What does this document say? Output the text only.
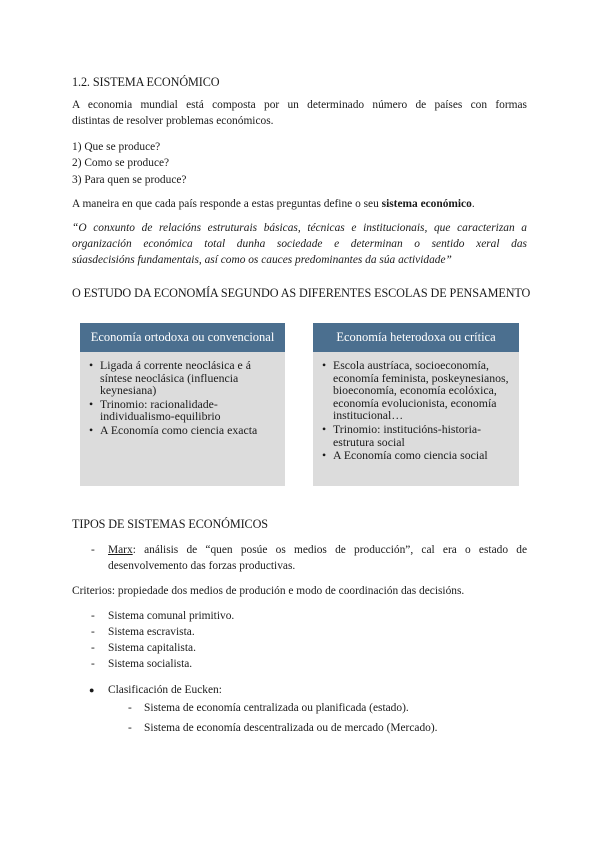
1.2. SISTEMA ECONÓMICO
A economia mundial está composta por un determinado número de países con formas
distintas de resolver problemas económicos.
1) Que se produce?
2) Como se produce?
3) Para quen se produce?
A maneira en que cada país responde a estas preguntas define o seu sistema económico.
“O conxunto de relacións estruturais básicas, técnicas e institucionais, que caracterizan a
organización económica total dunha sociedade e determinan o sentido xeral das
súasdecisións fundamentais, así como os cauces predominantes da súa actividade”
O ESTUDO DA ECONOMÍA SEGUNDO AS DIFERENTES ESCOLAS DE PENSAMENTO
Economía ortodoxa ou convencional
• Ligada á corrente neoclásica e á síntese neoclásica (influencia keynesiana)
• Trinomio: racionalidade-individualismo-equilibrio
• A Economía como ciencia exacta
Economía heterodoxa ou crítica
• Escola austríaca, socioeconomía, economía feminista, poskeynesianos, bioeconomía, economía ecolóxica, economía evolucionista, economía institucional…
• Trinomio: institucións-historia-estrutura social
• A Economía como ciencia social
TIPOS DE SISTEMAS ECONÓMICOS
- Marx: análisis de “quen posúe os medios de producción”, cal era o estado de
desenvolvemento das forzas productivas.
Criterios: propiedade dos medios de produción e modo de coordinación das decisións.
- Sistema comunal primitivo.
- Sistema escravista.
- Sistema capitalista.
- Sistema socialista.
● Clasificación de Eucken:
- Sistema de economía centralizada ou planificada (estado).
- Sistema de economía descentralizada ou de mercado (Mercado).
